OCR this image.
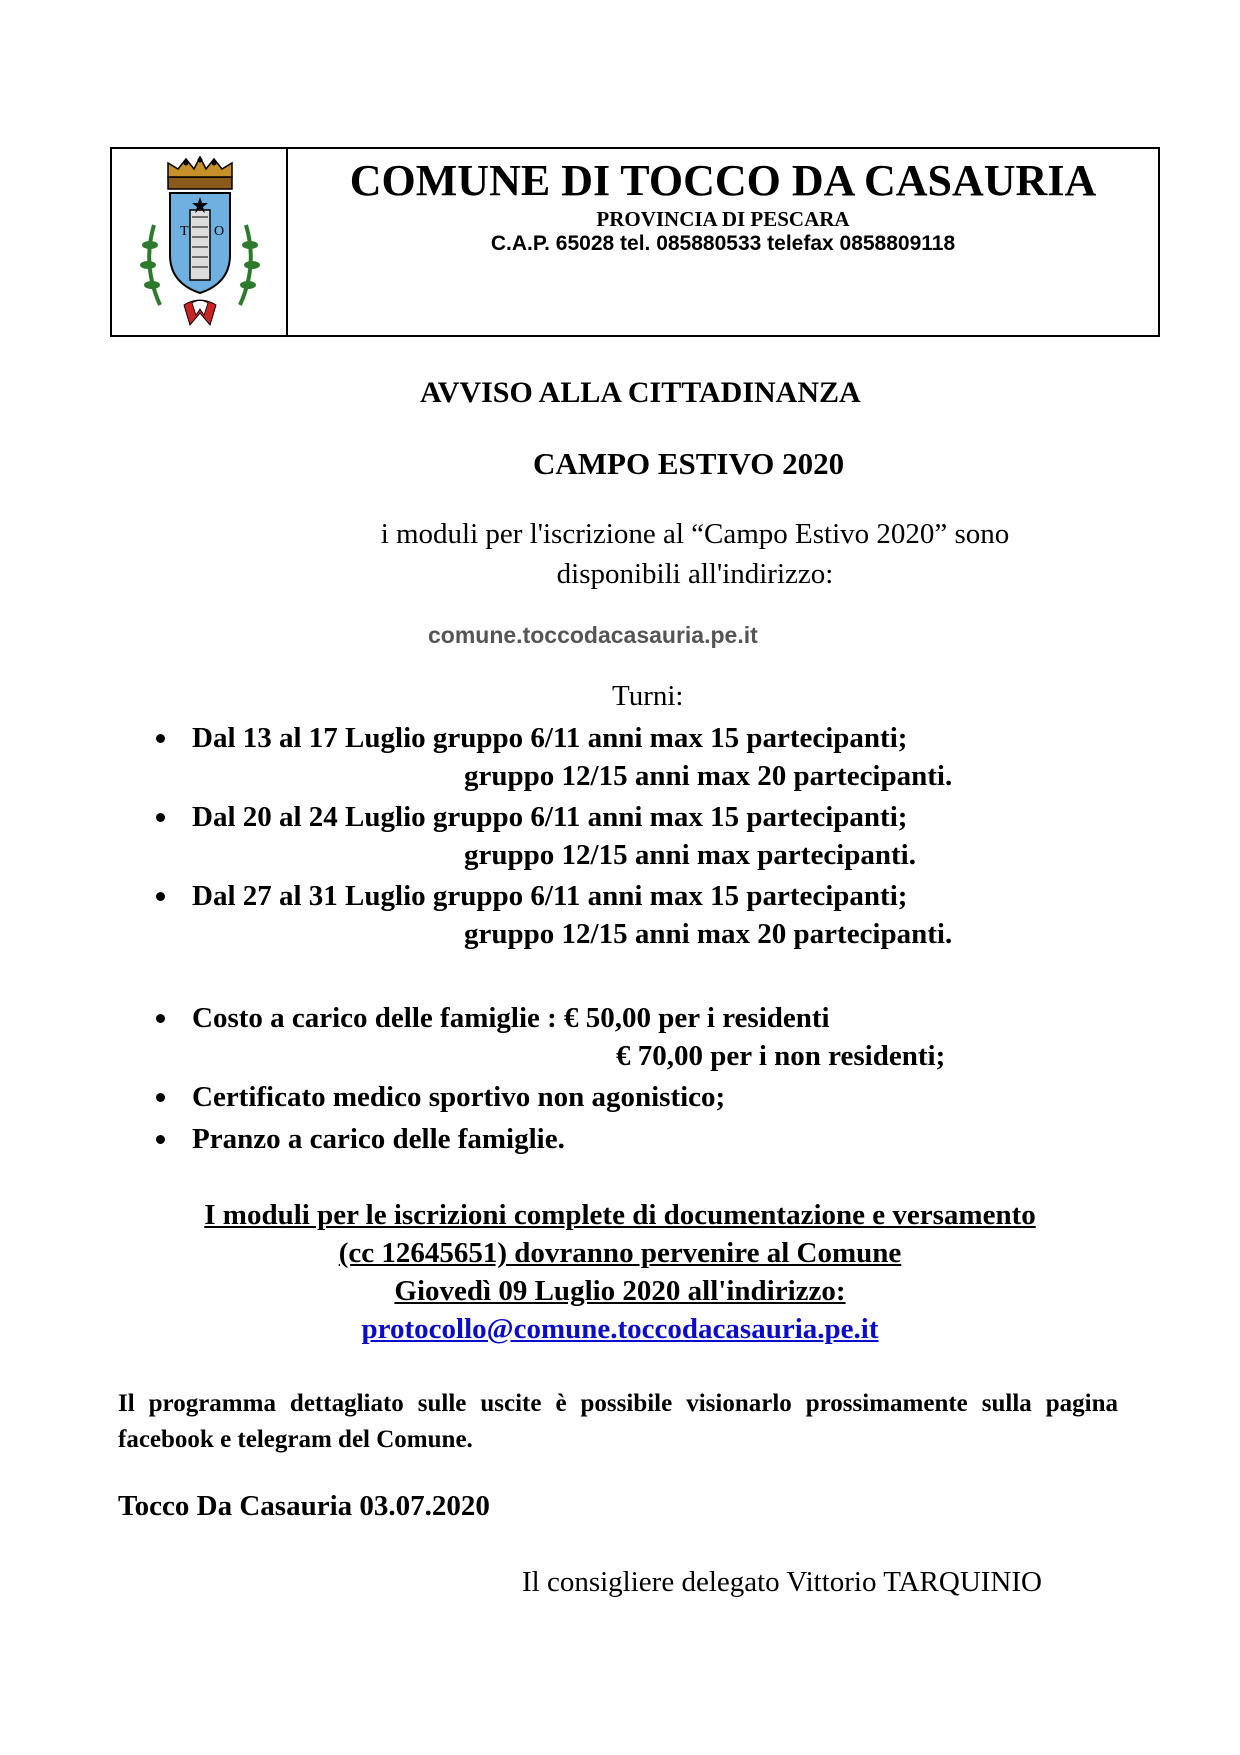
T O
COMUNE DI TOCCO DA CASAURIA
PROVINCIA DI PESCARA
C.A.P. 65028 tel. 085880533 telefax 0858809118
AVVISO ALLA CITTADINANZA
CAMPO ESTIVO 2020
i moduli per l'iscrizione al “Campo Estivo 2020” sono
disponibili all'indirizzo:
comune.toccodacasauria.pe.it
Turni:
Dal 13 al 17 Luglio gruppo 6/11 anni max 15 partecipanti;
gruppo 12/15 anni max 20 partecipanti.
Dal 20 al 24 Luglio gruppo 6/11 anni max 15 partecipanti;
gruppo 12/15 anni max partecipanti.
Dal 27 al 31 Luglio gruppo 6/11 anni max 15 partecipanti;
gruppo 12/15 anni max 20 partecipanti.
Costo a carico delle famiglie : € 50,00 per i residenti
€ 70,00 per i non residenti;
Certificato medico sportivo non agonistico;
Pranzo a carico delle famiglie.
I moduli per le iscrizioni complete di documentazione e versamento
(cc 12645651) dovranno pervenire al Comune
Giovedì 09 Luglio 2020 all'indirizzo:
protocollo@comune.toccodacasauria.pe.it
Il programma dettagliato sulle uscite è possibile visionarlo prossimamente sulla pagina facebook e telegram del Comune.
Tocco Da Casauria 03.07.2020
Il consigliere delegato Vittorio TARQUINIO
